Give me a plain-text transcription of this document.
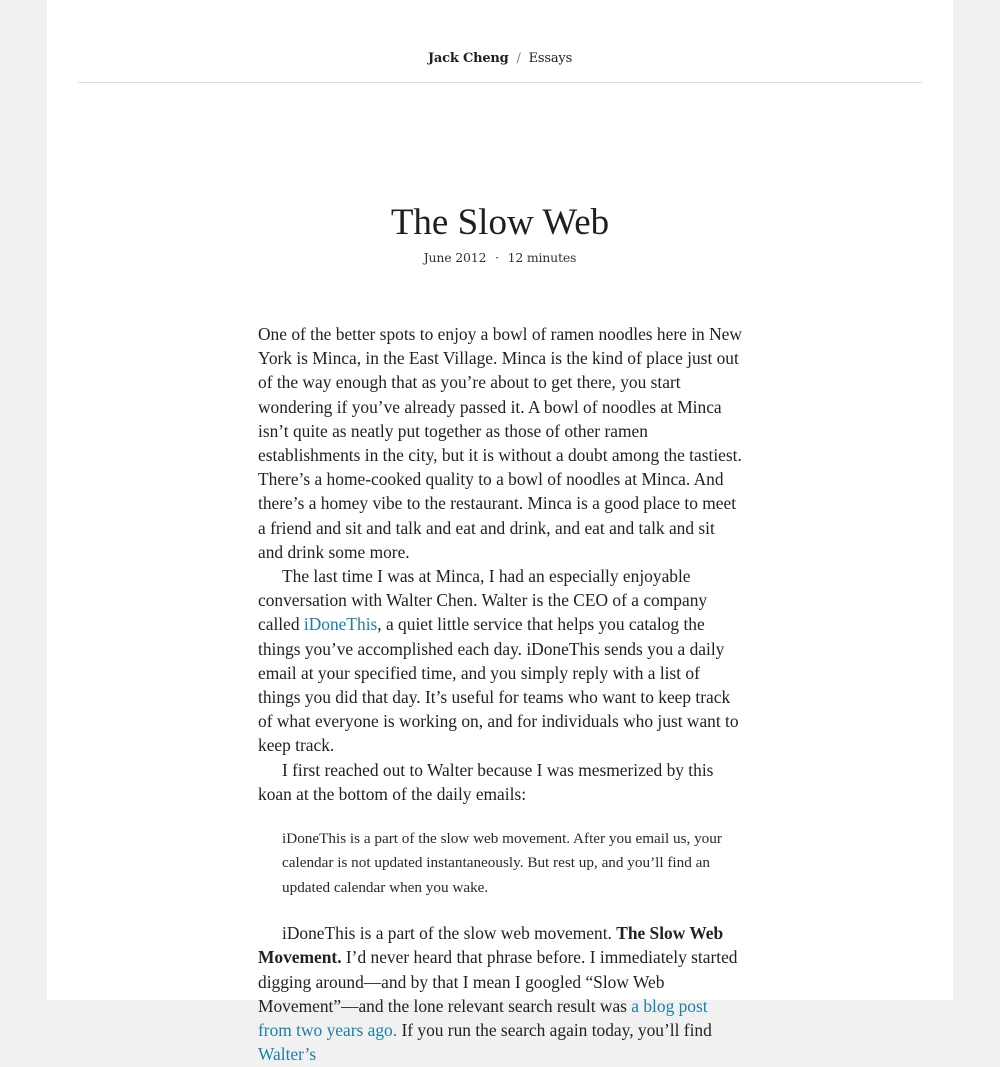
Jack Cheng / Essays
The Slow Web
June 2012 · 12 minutes

One of the better spots to enjoy a bowl of ramen noodles here in New York is Minca, in the East Village. Minca is the kind of place just out of the way enough that as you’re about to get there, you start wondering if you’ve already passed it. A bowl of noodles at Minca isn’t quite as neatly put together as those of other ramen establishments in the city, but it is without a doubt among the tastiest. There’s a home-cooked quality to a bowl of noodles at Minca. And there’s a homey vibe to the restaurant. Minca is a good place to meet a friend and sit and talk and eat and drink, and eat and talk and sit and drink some more.

The last time I was at Minca, I had an especially enjoyable conversation with Walter Chen. Walter is the CEO of a company called iDoneThis, a quiet little service that helps you catalog the things you’ve accomplished each day. iDoneThis sends you a daily email at your specified time, and you simply reply with a list of things you did that day. It’s useful for teams who want to keep track of what everyone is working on, and for individuals who just want to keep track.

I first reached out to Walter because I was mesmerized by this koan at the bottom of the daily emails:

iDoneThis is a part of the slow web movement. After you email us, your calendar is not updated instantaneously. But rest up, and you’ll find an updated calendar when you wake.

iDoneThis is a part of the slow web movement. The Slow Web Movement. I’d never heard that phrase before. I immediately started digging around—and by that I mean I googled “Slow Web Movement”—and the lone relevant search result was a blog post from two years ago. If you run the search again today, you’ll find Walter’s
